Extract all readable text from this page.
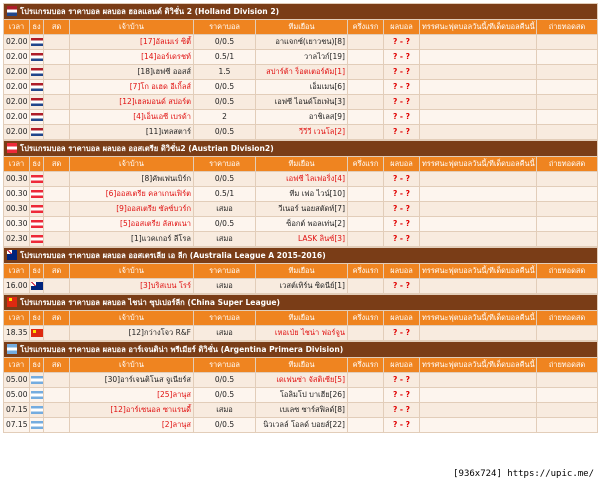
โปรแกรมบอล ราคาบอล ผลบอล ฮอลแลนด์ ดิวิชั่น 2 (Holland Division 2)									
เวลา	ธง	สด	เจ้าบ้าน	ราคาบอล	ทีมเยือน	ครึ่งแรก	ผลบอล	ทรรศนะฟุตบอลวันนี้/ทีเด็ดบอลคืนนี้	ถ่ายทอดสด
02.00			[17]อัลเมเร่ ซิตี้	0/0.5	อาแจกซ์(เยาวชน)[8]		? - ?		
02.00			[14]ออร์เดรชท์	0.5/1	วาลไวก์[19]		? - ?		
02.00			[18]เฮฟซี ออสส์	1.5	สปาร์ต้า ร็อตเตอร์ดัม[1]		? - ?		
02.00			[7]โก อเฮด อีเกิ้ลส์	0/0.5	เอ็มเมน[6]		? - ?		
02.00			[12]เฮลมอนด์ สปอร์ต	0/0.5	เอฟซี ไอนด์โฮเฟ่น[3]		? - ?		
02.00			[4]เอ็นเอซี เบรด้า	2	อาชิเลส[9]		? - ?		
02.00			[11]เทลสตาร์	0/0.5	วีวีวี เวนโล[2]		? - ?		
โปรแกรมบอล ราคาบอล ผลบอล ออสเตรีย ดิวิชั่น2 (Austrian Division2)									
เวลา	ธง	สด	เจ้าบ้าน	ราคาบอล	ทีมเยือน	ครึ่งแรก	ผลบอล	ทรรศนะฟุตบอลวันนี้/ทีเด็ดบอลคืนนี้	ถ่ายทอดสด
00.30			[8]คัพเฟนเบิร์ก	0/0.5	เอฟซี ไลเฟอริ่ง[4]		? - ?		
00.30			[6]ออสเตรีย คลาเกนเฟิร์ต	0.5/1	ทีม เฟอ ไวน์[10]		? - ?		
00.30			[9]ออสเตรีย ซัลซ์บวร์ก	เสมอ	วีเนอร์ นอยสตัดท์[7]		? - ?		
00.30			[5]ออสเตรีย ลัสเตเนา	0/0.5	ซ็อกต์ พอลเท่น[2]		? - ?		
02.30			[1]แวคเกอร์ ลีโรล	เสมอ	LASK ลินซ์[3]		? - ?		
โปรแกรมบอล ราคาบอล ผลบอล ออสเตรเลีย เอ ลีก (Australia League A 2015-2016)									
เวลา	ธง	สด	เจ้าบ้าน	ราคาบอล	ทีมเยือน	ครึ่งแรก	ผลบอล	ทรรศนะฟุตบอลวันนี้/ทีเด็ดบอลคืนนี้	ถ่ายทอดสด
16.00			[3]บริสเบน โรร์	เสมอ	เวสต์เทิร์น ซิดนีย์[1]		? - ?		
โปรแกรมบอล ราคาบอล ผลบอล ไชน่า ซุปเปอร์ลีก (China Super League)									
เวลา	ธง	สด	เจ้าบ้าน	ราคาบอล	ทีมเยือน	ครึ่งแรก	ผลบอล	ทรรศนะฟุตบอลวันนี้/ทีเด็ดบอลคืนนี้	ถ่ายทอดสด
18.35			[12]กว่างโจว R&F	เสมอ	เหอเป่ย ไชน่า ฟอร์จูน		? - ?		
โปรแกรมบอล ราคาบอล ผลบอล อาร์เจนติน่า พรีเมียร์ ดิวิชั่น (Argentina Primera Division)									
เวลา	ธง	สด	เจ้าบ้าน	ราคาบอล	ทีมเยือน	ครึ่งแรก	ผลบอล	ทรรศนะฟุตบอลวันนี้/ทีเด็ดบอลคืนนี้	ถ่ายทอดสด
05.00			[30]อาร์เจนติโนส จูเนียร์ส	0/0.5	เดเฟนซ่า จัสติเซีย[5]		? - ?		
05.00			[25]ลานุส	0/0.5	โอลิมโป บาเฮีย[26]		? - ?		
07.15			[12]อาร์เซนอล ซาแรนดี้	เสมอ	เบเลซ ซาร์สฟิลด์[8]		? - ?		
07.15			[2]ลานุส	0/0.5	นิวเวลล์ โอลด์ บอยส์[22]		? - ?		
[936x724] https://upic.me/
